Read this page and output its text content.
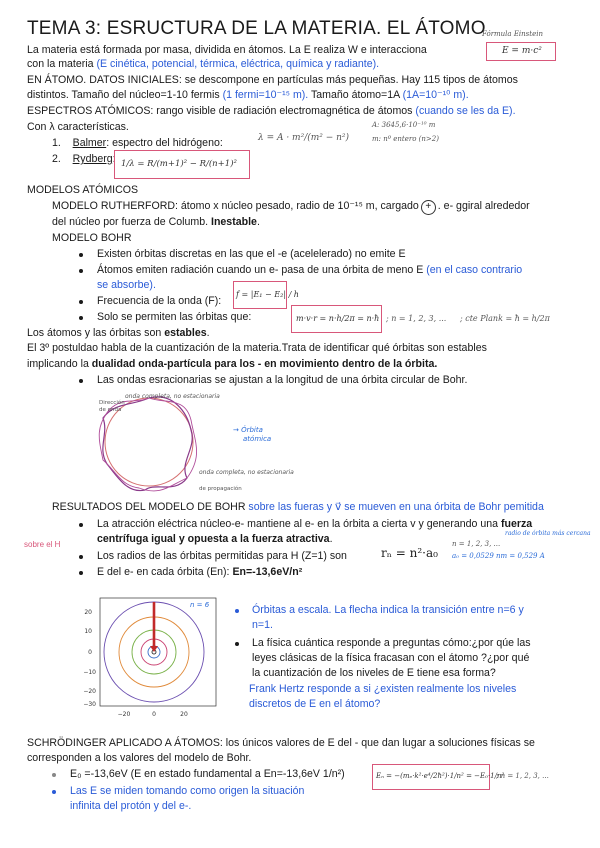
TEMA 3: ESRUCTURA DE LA MATERIA. EL ÁTOMO
Fórmula Einstein
E = m·c²
La materia está formada por masa, dividida en átomos. La E realiza W e interacciona
con la materia (E cinética, potencial, térmica, eléctrica, química y radiante).
EN ÁTOMO. DATOS INICIALES: se descompone en partículas más pequeñas. Hay 115 tipos de átomos
distintos. Tamaño del núcleo=1-10 fermis (1 fermi=10⁻¹⁵ m). Tamaño átomo=1A (1A=10⁻¹⁰ m).
ESPECTROS ATÓMICOS: rango visible de radiación electromagnética de átomos (cuando se les da E).
Con λ características.
1. Balmer: espectro del hidrógeno:	λ = A · m²/(m² − n²)
A: 3645,6·10⁻¹⁰ m
m: nº entero (n>2)
2. Rydberg: 1/λ = R/(m+1)² − R/(n+1)²
MODELOS ATÓMICOS
MODELO RUTHERFORD: átomo x núcleo pesado, radio de 10⁻¹⁵ m, cargado + . e- ggiral alrededor
del núcleo por fuerza de Columb. Inestable.
MODELO BOHR
Existen órbitas discretas en las que el -e (acelelerado) no emite E
Átomos emiten radiación cuando un e- pasa de una órbita de meno E (en el caso contrario
se absorbe).
Frecuencia de la onda (F):
f = |E₁ − E₂| / h
Solo se permiten las órbitas que:	m·v·r = n·h/2π = n·ħ ; n = 1, 2, 3, ... ; cte Plank = ħ = h/2π
Los átomos y las órbitas son estables.
El 3º postuldao habla de la cuantización de la materia.Trata de identificar qué órbitas son estables
implicando la dualidad onda-partícula para los - en movimiento dentro de la órbita.
Las ondas esracionarias se ajustan a la longitud de una órbita circular de Bohr.
onda completa, no estacionaria
Dirección
de onda
→ Órbita
atómica
onda completa, no estacionaria
de propagación
RESULTADOS DEL MODELO DE BOHR sobre las fueras y v⃗ se mueven en una órbita de Bohr pemitida
La atracción eléctrica núcleo-e- mantiene al e- en la órbita a cierta v y generando una fuerza
centrífuga igual y opuesta a la fuerza atractiva.
sobre el H
Los radios de las órbitas permitidas para H (Z=1) son	rₙ = n²·a₀
n = 1, 2, 3, ...
a₀ = 0,0529 nm = 0,529 A
radio de órbita más cercana
E del e- en cada órbita (En): En=-13,6eV/n²
20
10
0
−10
−20
−30
−20	0	20
n = 6	Órbitas a escala. La flecha indica la transición entre n=6 y
n=1.
La física cuántica responde a preguntas cómo:¿por qúe las
leyes clásicas de la física fracasan con el átomo ?¿por qué
la cuantización de los niveles de E tiene esa forma?
Frank Hertz responde a si ¿existen realmente los niveles
discretos de E en el átomo?
SCHRÖDINGER APLICADO A ÁTOMOS: los únicos valores de E del - que dan lugar a soluciones físicas se
corresponden a los valores del modelo de Bohr.
E₀ =-13,6eV (E en estado fundamental a En=-13,6eV 1/n²)	Eₙ = −(mₑ·k²·e⁴/2ħ²)·1/n² = −E₀·1/n²
; n = 1, 2, 3, ...
Las E se miden tomando como origen la situación
infinita del protón y del e-.
